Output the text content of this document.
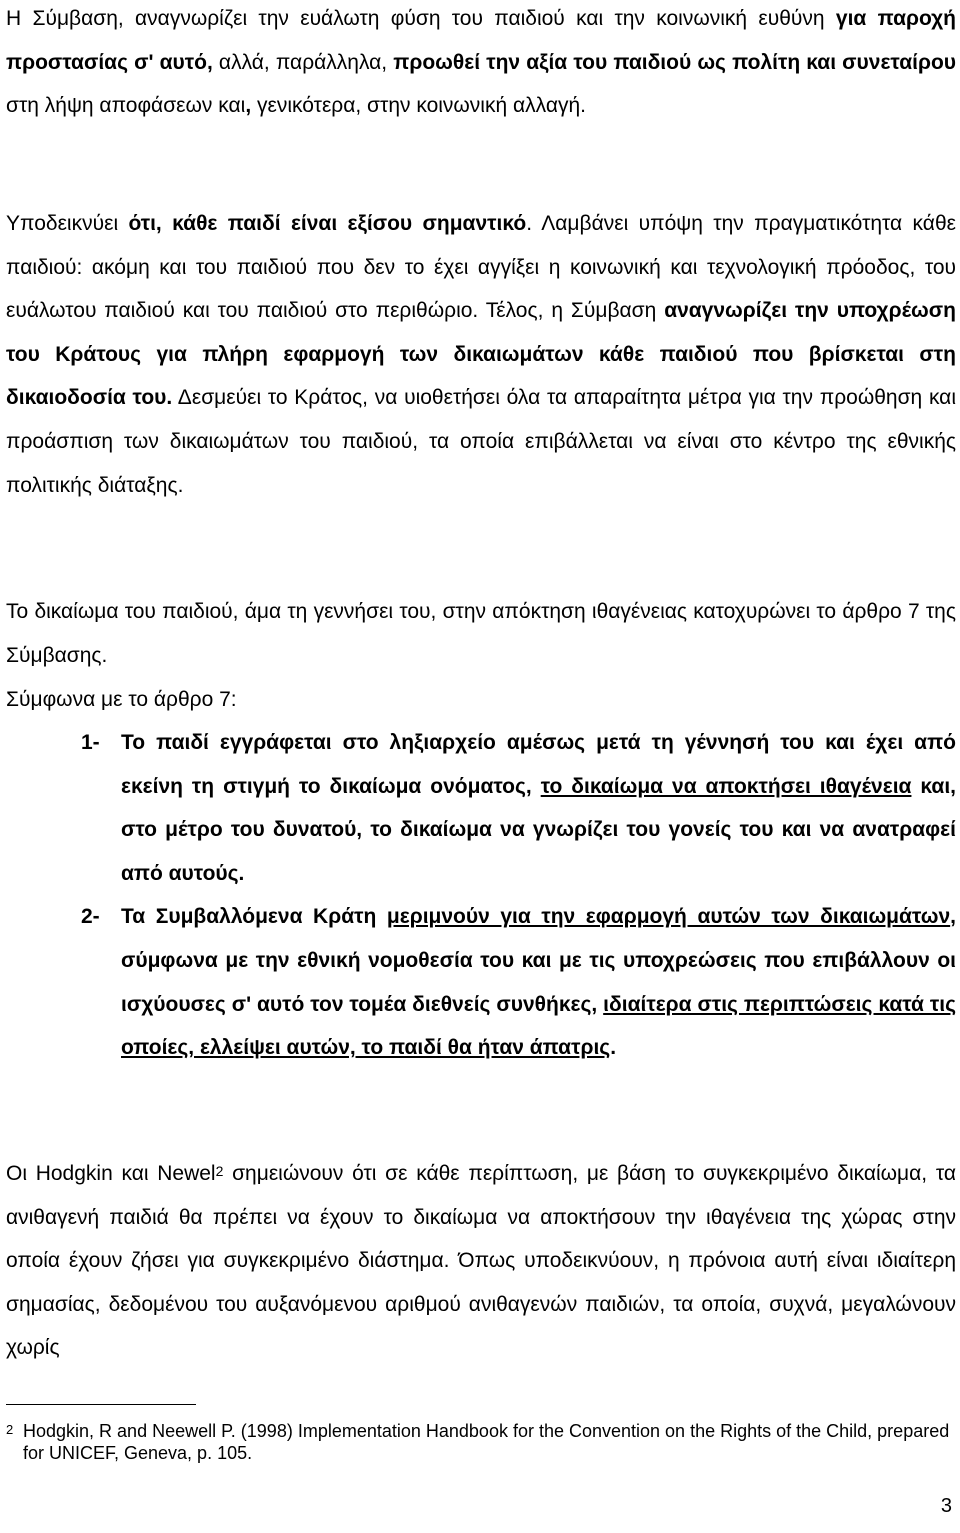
Η Σύμβαση, αναγνωρίζει την ευάλωτη φύση του παιδιού και την κοινωνική ευθύνη για παροχή προστασίας σ' αυτό, αλλά, παράλληλα, προωθεί την αξία του παιδιού ως πολίτη και συνεταίρου στη λήψη αποφάσεων και, γενικότερα, στην κοινωνική αλλαγή.

Υποδεικνύει ότι, κάθε παιδί είναι εξίσου σημαντικό. Λαμβάνει υπόψη την πραγματικότητα κάθε παιδιού: ακόμη και του παιδιού που δεν το έχει αγγίξει η κοινωνική και τεχνολογική πρόοδος, του ευάλωτου παιδιού και του παιδιού στο περιθώριο. Τέλος, η Σύμβαση αναγνωρίζει την υποχρέωση του Κράτους για πλήρη εφαρμογή των δικαιωμάτων κάθε παιδιού που βρίσκεται στη δικαιοδοσία του. Δεσμεύει το Κράτος, να υιοθετήσει όλα τα απαραίτητα μέτρα για την προώθηση και προάσπιση των δικαιωμάτων του παιδιού, τα οποία επιβάλλεται να είναι στο κέντρο της εθνικής πολιτικής διάταξης.

Το δικαίωμα του παιδιού, άμα τη γεννήσει του, στην απόκτηση ιθαγένειας κατοχυρώνει το άρθρο 7 της Σύμβασης.

Σύμφωνα με το άρθρο 7:

1- Το παιδί εγγράφεται στο ληξιαρχείο αμέσως μετά τη γέννησή του και έχει από εκείνη τη στιγμή το δικαίωμα ονόματος, το δικαίωμα να αποκτήσει ιθαγένεια και, στο μέτρο του δυνατού, το δικαίωμα να γνωρίζει του γονείς του και να ανατραφεί από αυτούς.
2- Τα Συμβαλλόμενα Κράτη μεριμνούν για την εφαρμογή αυτών των δικαιωμάτων, σύμφωνα με την εθνική νομοθεσία του και με τις υποχρεώσεις που επιβάλλουν οι ισχύουσες σ' αυτό τον τομέα διεθνείς συνθήκες, ιδιαίτερα στις περιπτώσεις κατά τις οποίες, ελλείψει αυτών, το παιδί θα ήταν άπατρις.

Οι Hodgkin και Newel$^2$ σημειώνουν ότι σε κάθε περίπτωση, με βάση το συγκεκριμένο δικαίωμα, τα ανιθαγενή παιδιά θα πρέπει να έχουν το δικαίωμα να αποκτήσουν την ιθαγένεια της χώρας στην οποία έχουν ζήσει για συγκεκριμένο διάστημα. Όπως υποδεικνύουν, η πρόνοια αυτή είναι ιδιαίτερη σημασίας, δεδομένου του αυξανόμενου αριθμού ανιθαγενών παιδιών, τα οποία, συχνά, μεγαλώνουν χωρίς

2 Hodgkin, R and Neewell P. (1998) Implementation Handbook for the Convention on the Rights of the Child, prepared for UNICEF, Geneva, p. 105.
3
